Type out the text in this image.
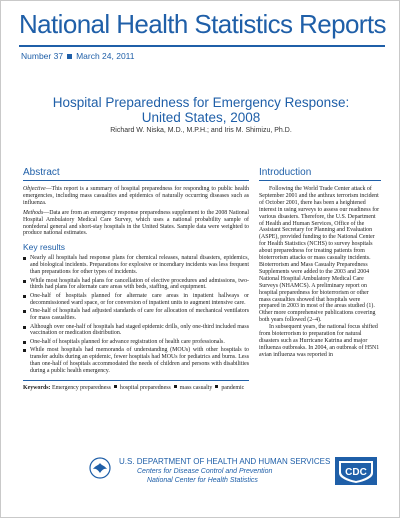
National Health Statistics Reports
Number 37 March 24, 2011
Hospital Preparedness for Emergency Response:
United States, 2008
Richard W. Niska, M.D., M.P.H.; and Iris M. Shimizu, Ph.D.
Abstract

Objective—This report is a summary of hospital preparedness for responding to public health emergencies, including mass casualties and epidemics of naturally occurring diseases such as influenza.

Methods—Data are from an emergency response preparedness supplement to the 2008 National Hospital Ambulatory Medical Care Survey, which uses a national probability sample of nonfederal general and short-stay hospitals in the United States. Sample data were weighted to produce national estimates.

Key results
Nearly all hospitals had response plans for chemical releases, natural disasters, epidemics, and biological incidents. Preparations for explosive or incendiary incidents was less frequent than preparations for other types of incidents.
While most hospitals had plans for cancellation of elective procedures and admissions, two-thirds had plans for alternate care areas with beds, staffing, and equipment.
One-half of hospitals planned for alternate care areas in inpatient hallways or decommissioned ward space, or for conversion of inpatient units to augment intensive care.
One-half of hospitals had adjusted standards of care for allocation of mechanical ventilators for mass casualties.
Although over one-half of hospitals had staged epidemic drills, only one-third included mass vaccination or medication distribution.
One-half of hospitals planned for advance registration of health care professionals.
While most hospitals had memoranda of understanding (MOUs) with other hospitals to transfer adults during an epidemic, fewer hospitals had MOUs for pediatrics and burns. Less than one-half of hospitals accommodated the needs of children and persons with disabilities during a public health emergency.
Keywords: Emergency preparedness hospital preparedness mass casualty pandemic
Introduction

Following the World Trade Center attack of September 2001 and the anthrax terrorism incident of October 2001, there has been a heightened interest in using surveys to assess our readiness for various disasters. Therefore, the U.S. Department of Health and Human Services, Office of the Assistant Secretary for Planning and Evaluation (ASPE), provided funding to the National Center for Health Statistics (NCHS) to survey hospitals about preparedness for treating patients from bioterrorism attacks or mass casualty incidents. Bioterrorism and Mass Casualty Preparedness Supplements were added to the 2003 and 2004 National Hospital Ambulatory Medical Care Surveys (NHAMCS). A preliminary report on hospital preparedness for bioterrorism or other mass casualties showed that hospitals were prepared in 2003 in most of the areas studied (1). Other more comprehensive publications covering both years followed (2–4).

In subsequent years, the national focus shifted from bioterrorism to preparation for natural disasters such as Hurricane Katrina and major influenza outbreaks. In 2004, an outbreak of H5N1 avian influenza was reported in

U.S. DEPARTMENT OF HEALTH AND HUMAN SERVICES
Centers for Disease Control and Prevention
National Center for Health Statistics
CDC
